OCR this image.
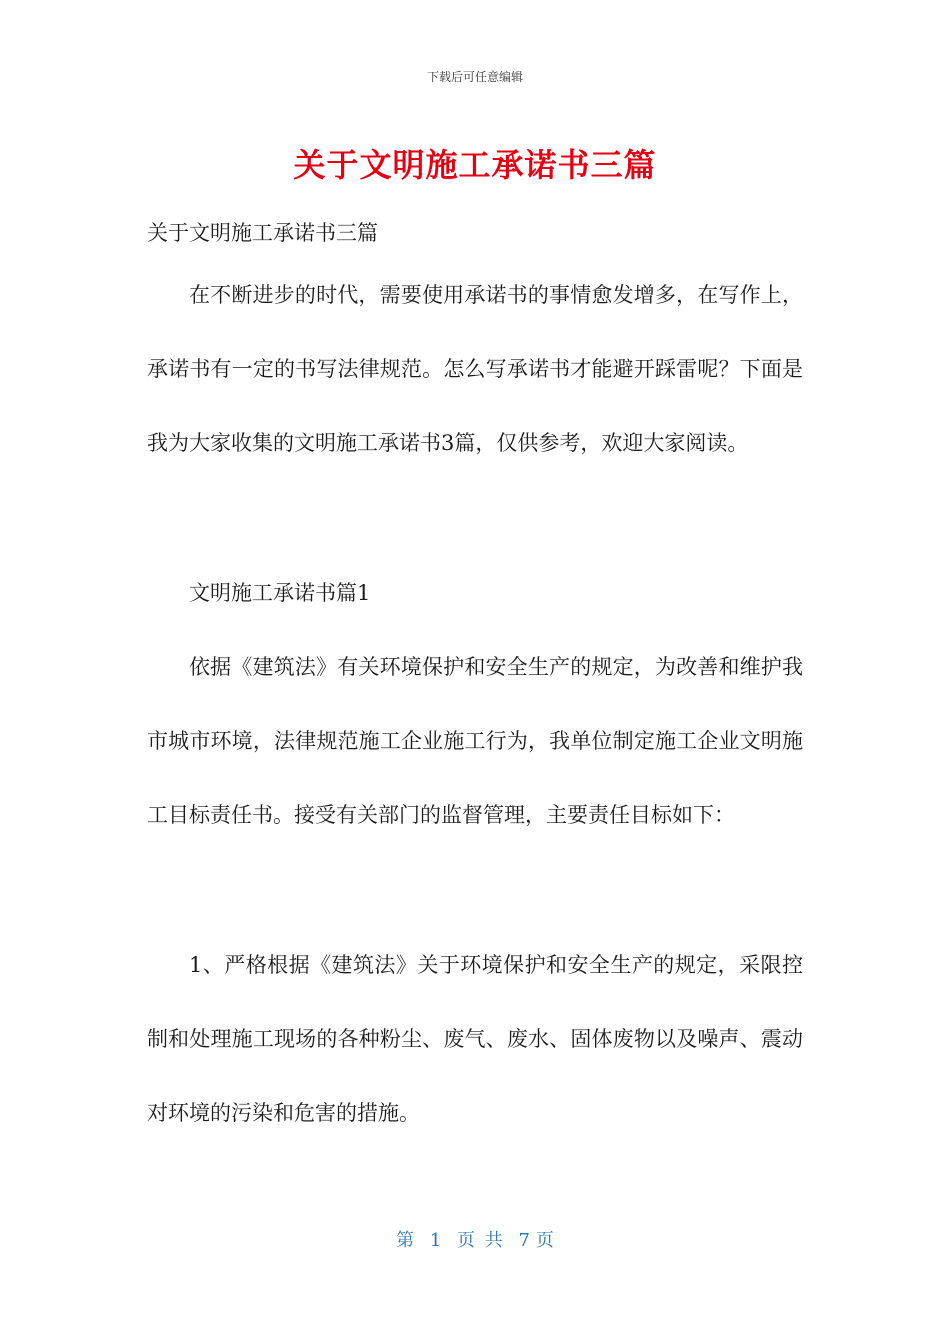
下载后可任意编辑
关于文明施工承诺书三篇

关于文明施工承诺书三篇

在不断进步的时代，需要使用承诺书的事情愈发增多，在写作上，承诺书有一定的书写法律规范。怎么写承诺书才能避开踩雷呢？下面是我为大家收集的文明施工承诺书3篇，仅供参考，欢迎大家阅读。

文明施工承诺书篇1

依据《建筑法》有关环境保护和安全生产的规定，为改善和维护我市城市环境，法律规范施工企业施工行为，我单位制定施工企业文明施工目标责任书。接受有关部门的监督管理，主要责任目标如下：

1、严格根据《建筑法》关于环境保护和安全生产的规定，采限控制和处理施工现场的各种粉尘、废气、废水、固体废物以及噪声、震动对环境的污染和危害的措施。

第 1 页 共 7 页
